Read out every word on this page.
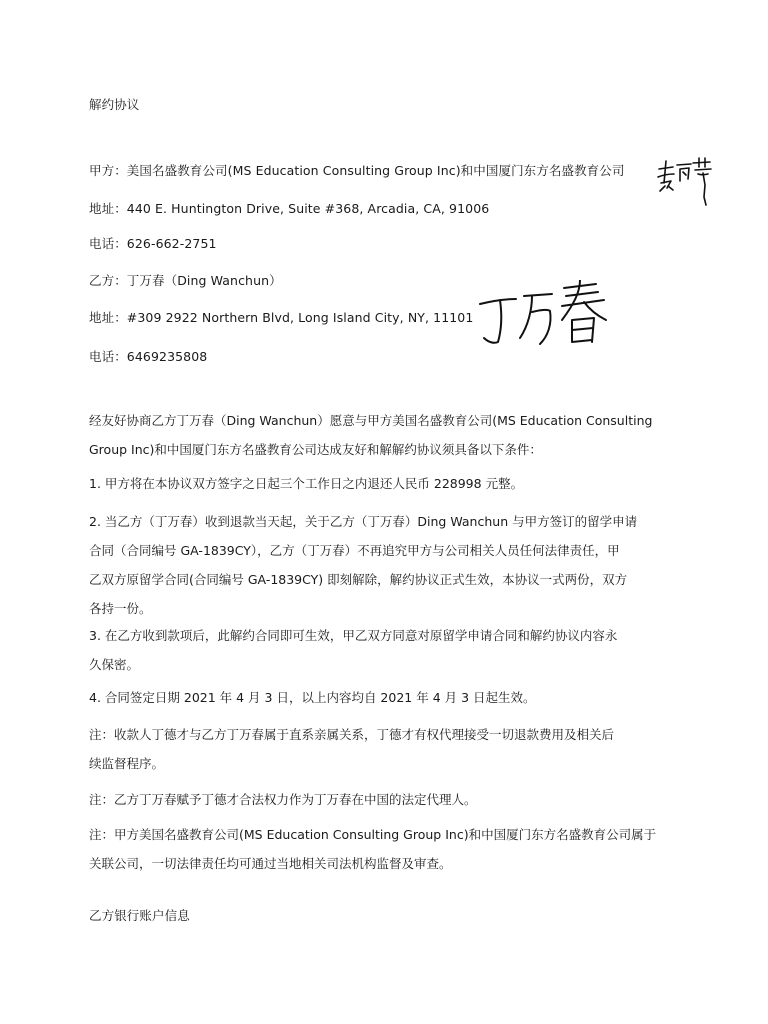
解约协议
甲方：美国名盛教育公司(MS Education Consulting Group Inc)和中国厦门东方名盛教育公司
地址：440 E. Huntington Drive, Suite #368, Arcadia, CA, 91006
电话：626-662-2751
乙方：丁万春（Ding Wanchun）
地址：#309 2922 Northern Blvd, Long Island City, NY, 11101
电话：6469235808
经友好协商乙方丁万春（Ding Wanchun）愿意与甲方美国名盛教育公司(MS Education Consulting
Group Inc)和中国厦门东方名盛教育公司达成友好和解解约协议须具备以下条件：
1. 甲方将在本协议双方签字之日起三个工作日之内退还人民币 228998 元整。
2. 当乙方（丁万春）收到退款当天起，关于乙方（丁万春）Ding Wanchun 与甲方签订的留学申请
合同（合同编号 GA-1839CY），乙方（丁万春）不再追究甲方与公司相关人员任何法律责任，甲
乙双方原留学合同(合同编号 GA-1839CY) 即刻解除，解约协议正式生效，本协议一式两份，双方
各持一份。
3. 在乙方收到款项后，此解约合同即可生效，甲乙双方同意对原留学申请合同和解约协议内容永
久保密。
4. 合同签定日期 2021 年 4 月 3 日，以上内容均自 2021 年 4 月 3 日起生效。
注：收款人丁德才与乙方丁万春属于直系亲属关系，丁德才有权代理接受一切退款费用及相关后
续监督程序。
注：乙方丁万春赋予丁德才合法权力作为丁万春在中国的法定代理人。
注：甲方美国名盛教育公司(MS Education Consulting Group Inc)和中国厦门东方名盛教育公司属于
关联公司，一切法律责任均可通过当地相关司法机构监督及审查。
乙方银行账户信息
